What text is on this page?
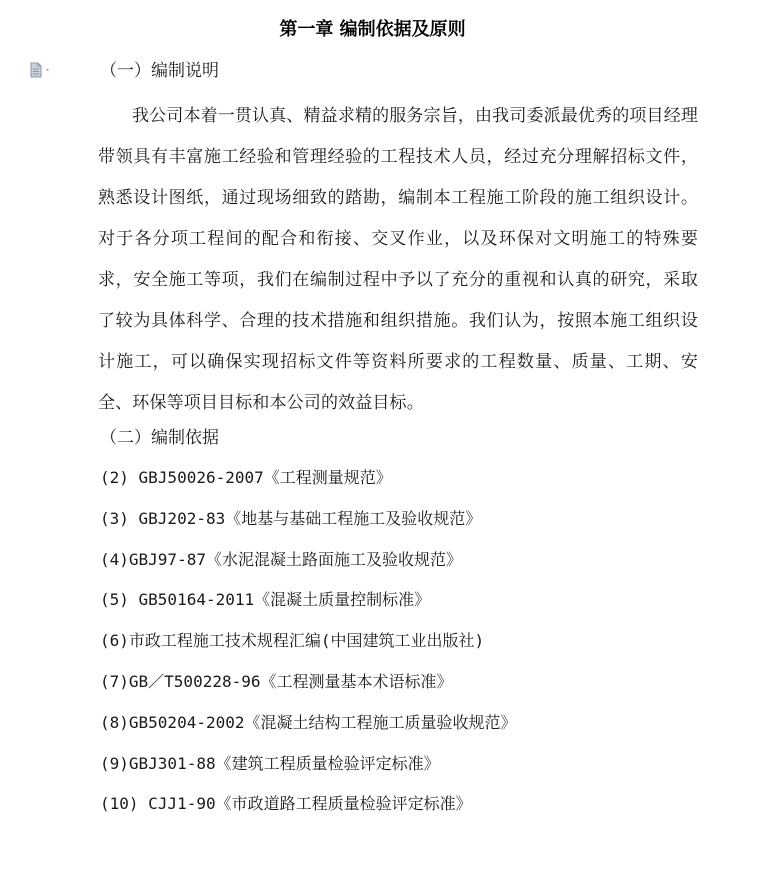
第一章 编制依据及原则
（一）编制说明
我公司本着一贯认真、精益求精的服务宗旨，由我司委派最优秀的项目经理带领具有丰富施工经验和管理经验的工程技术人员，经过充分理解招标文件，熟悉设计图纸，通过现场细致的踏勘，编制本工程施工阶段的施工组织设计。对于各分项工程间的配合和衔接、交叉作业，以及环保对文明施工的特殊要求，安全施工等项，我们在编制过程中予以了充分的重视和认真的研究，采取了较为具体科学、合理的技术措施和组织措施。我们认为，按照本施工组织设计施工，可以确保实现招标文件等资料所要求的工程数量、质量、工期、安全、环保等项目目标和本公司的效益目标。
（二）编制依据
(2) GBJ50026-2007《工程测量规范》
(3) GBJ202-83《地基与基础工程施工及验收规范》
(4)GBJ97-87《水泥混凝土路面施工及验收规范》
(5) GB50164-2011《混凝土质量控制标准》
(6)市政工程施工技术规程汇编(中国建筑工业出版社)
(7)GB／T500228-96《工程测量基本术语标准》
(8)GB50204-2002《混凝土结构工程施工质量验收规范》
(9)GBJ301-88《建筑工程质量检验评定标准》
(10) CJJ1-90《市政道路工程质量检验评定标准》
